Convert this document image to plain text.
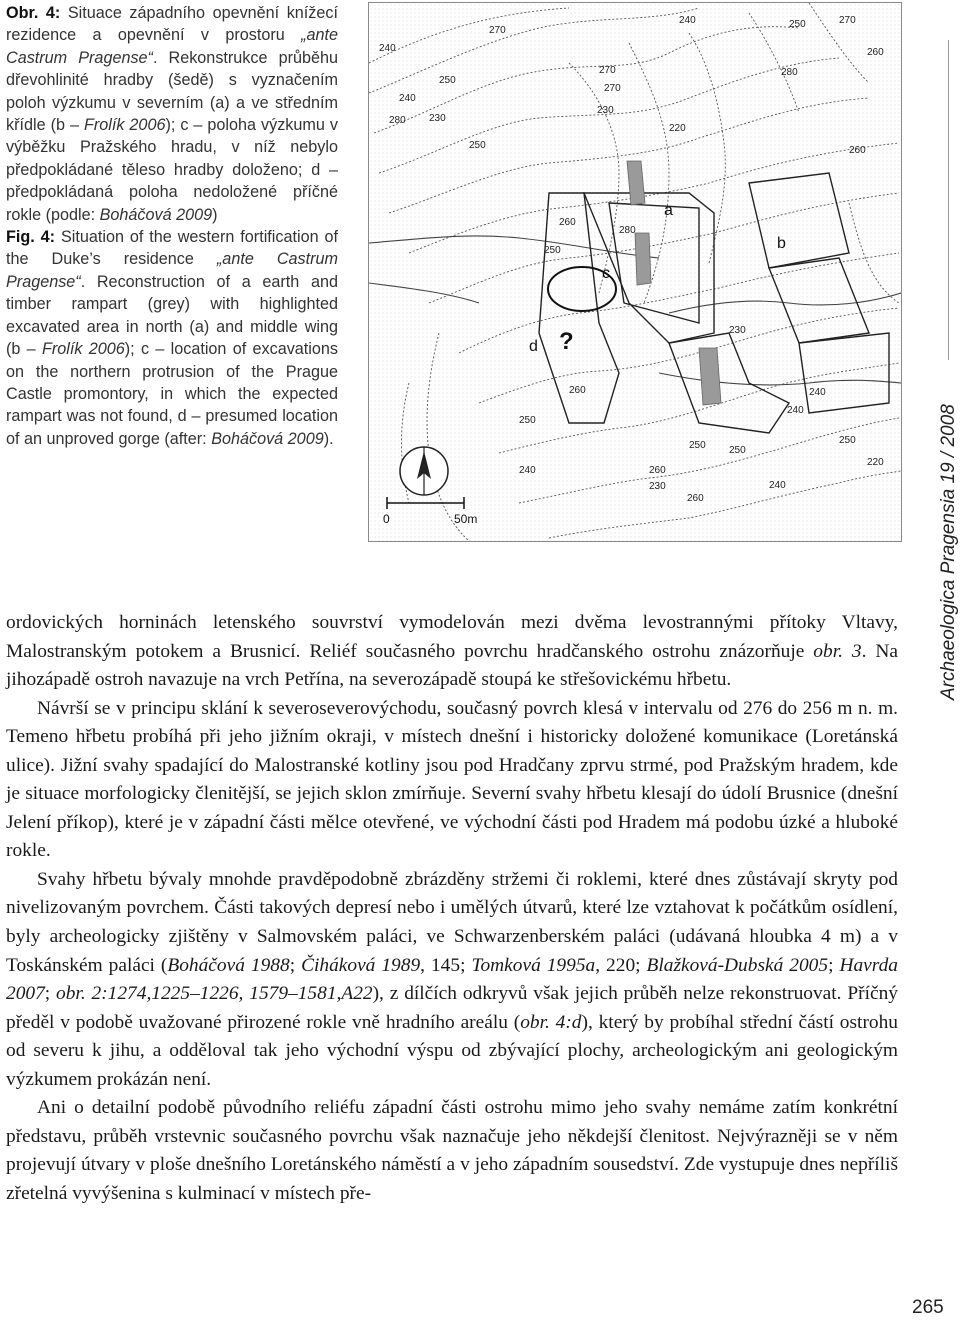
Obr. 4: Situace západního opevnění knížecí rezidence a opevnění v prostoru „ante Castrum Pragense“. Rekonstrukce průběhu dřevohlinité hradby (šedě) s vyznačením poloh výzkumu v severním (a) a ve středním křídle (b – Frolík 2006); c – poloha výzkumu v výběžku Pražského hradu, v níž nebylo předpokládané těleso hradby doloženo; d – předpokládaná poloha nedoložené příčné rokle (podle: Boháčová 2009)

Fig. 4: Situation of the western fortification of the Duke’s residence „ante Castrum Pragense“. Reconstruction of a earth and timber rampart (grey) with highlighted excavated area in north (a) and middle wing (b – Frolík 2006); c – location of excavations on the northern protrusion of the Prague Castle promontory, in which the expected rampart was not found, d – presumed location of an unproved gorge (after: Boháčová 2009).

0	50m
a
b
c
d ?
240	250
260
270
280
250
240
230
220
230
240
250	260
270
260
250
230
240
250
260
270
280
250
260
240
250
260
240
230
220
240
250
280
270
Archaeologica Pragensia 19 / 2008

ordovických horninách letenského souvrství vymodelován mezi dvěma levostrannými přítoky Vltavy, Malostranským potokem a Brusnicí. Reliéf současného povrchu hradčanského ostrohu znázorňuje obr. 3. Na jihozápadě ostroh navazuje na vrch Petřína, na severozápadě stoupá ke střešovickému hřbetu.

Návrší se v principu sklání k severoseverovýchodu, současný povrch klesá v intervalu od 276 do 256 m n. m. Temeno hřbetu probíhá při jeho jižním okraji, v místech dnešní i historicky doložené komunikace (Loretánská ulice). Jižní svahy spadající do Malostranské kotliny jsou pod Hradčany zprvu strmé, pod Pražským hradem, kde je situace morfologicky členitější, se jejich sklon zmírňuje. Severní svahy hřbetu klesají do údolí Brusnice (dnešní Jelení příkop), které je v západní části mělce otevřené, ve východní části pod Hradem má podobu úzké a hluboké rokle.

Svahy hřbetu bývaly mnohde pravděpodobně zbrázděny stržemi či roklemi, které dnes zůstávají skryty pod nivelizovaným povrchem. Části takových depresí nebo i umělých útvarů, které lze vztahovat k počátkům osídlení, byly archeologicky zjištěny v Salmovském paláci, ve Schwarzenberském paláci (udávaná hloubka 4 m) a v Toskánském paláci (Boháčová 1988; Čiháková 1989, 145; Tomková 1995a, 220; Blažková-Dubská 2005; Havrda 2007; obr. 2:1274,1225–1226, 1579–1581,A22), z dílčích odkryvů však jejich průběh nelze rekonstruovat. Příčný předěl v podobě uvažované přirozené rokle vně hradního areálu (obr. 4:d), který by probíhal střední částí ostrohu od severu k jihu, a odděloval tak jeho východní výspu od zbývající plochy, archeologickým ani geologickým výzkumem prokázán není.

Ani o detailní podobě původního reliéfu západní části ostrohu mimo jeho svahy nemáme zatím konkrétní představu, průběh vrstevnic současného povrchu však naznačuje jeho někdejší členitost. Nejvýrazněji se v něm projevují útvary v ploše dnešního Loretánského náměstí a v jeho západním sousedství. Zde vystupuje dnes nepříliš zřetelná vyvýšenina s kulminací v místech pře-

265
